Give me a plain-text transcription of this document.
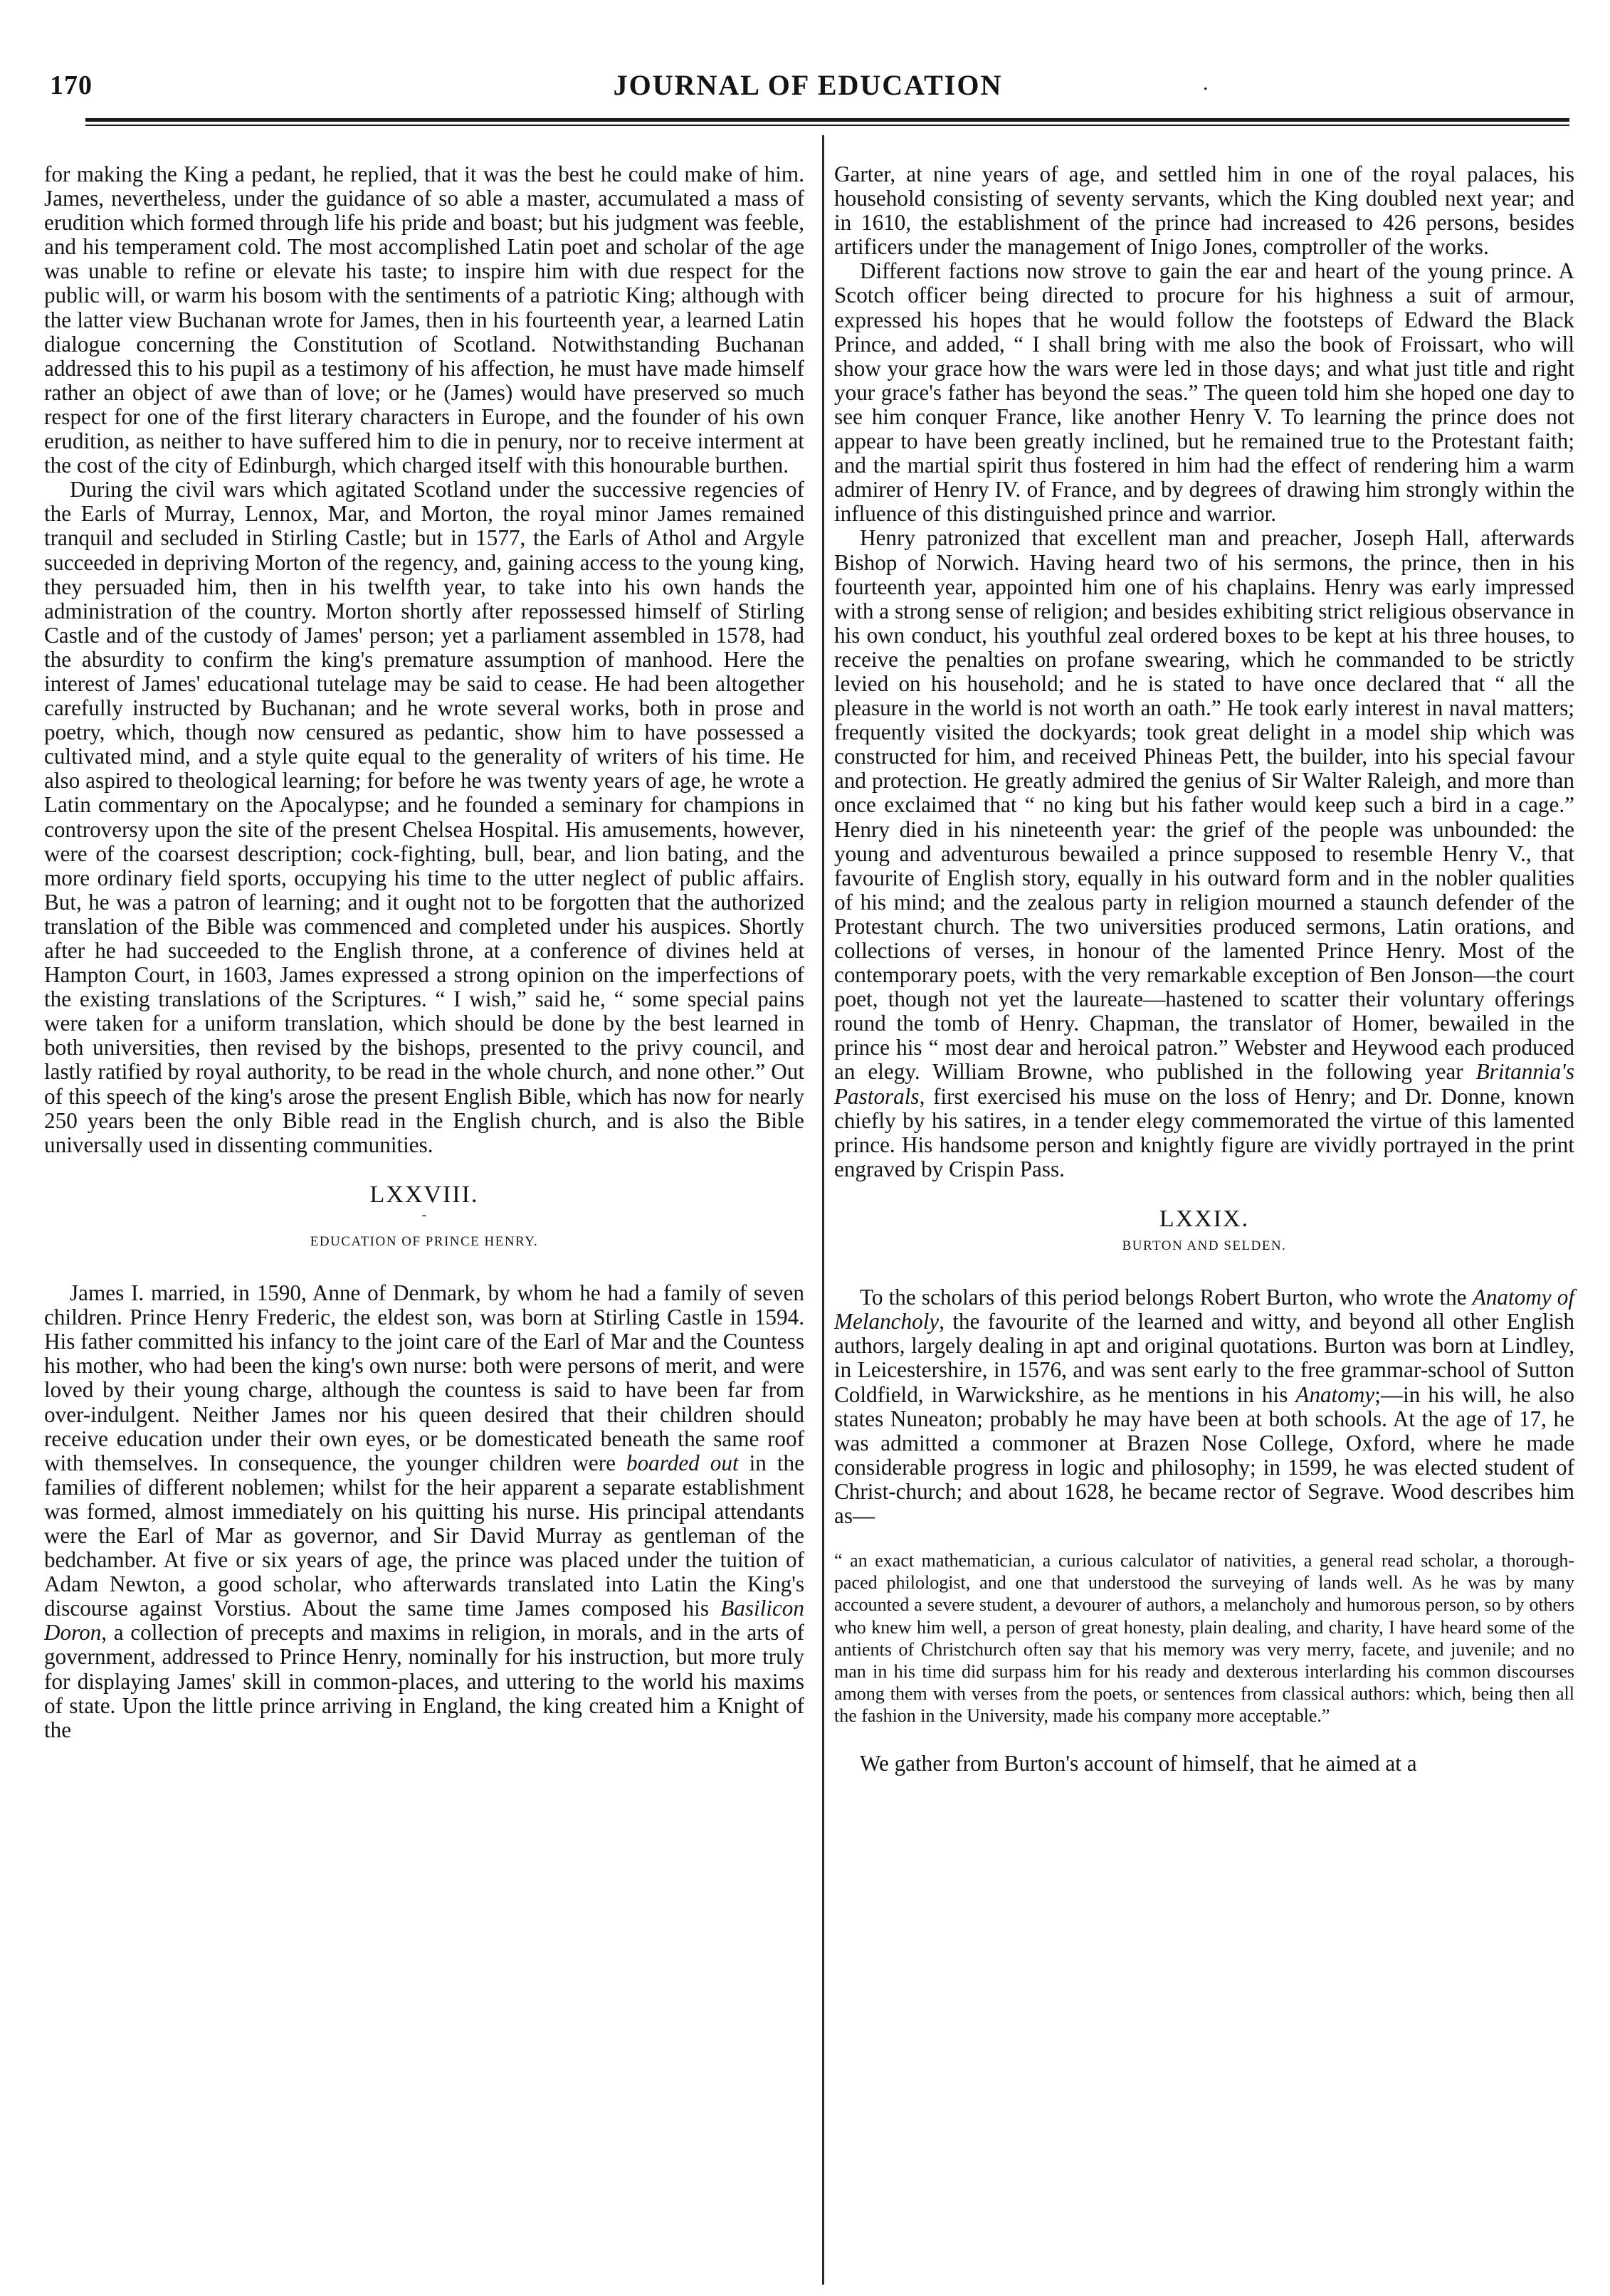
170	JOURNAL OF EDUCATION	.

for making the King a pedant, he replied, that it was the best he could make of him. James, nevertheless, under the guidance of so able a master, accumulated a mass of erudition which formed through life his pride and boast; but his judgment was feeble, and his temperament cold. The most accomplished Latin poet and scholar of the age was unable to refine or elevate his taste; to inspire him with due respect for the public will, or warm his bosom with the sentiments of a patriotic King; although with the latter view Buchanan wrote for James, then in his fourteenth year, a learned Latin dialogue concerning the Constitution of Scotland. Notwithstanding Buchanan addressed this to his pupil as a testimony of his affection, he must have made himself rather an object of awe than of love; or he (James) would have preserved so much respect for one of the first literary characters in Europe, and the founder of his own erudition, as neither to have suffered him to die in penury, nor to receive interment at the cost of the city of Edinburgh, which charged itself with this honourable burthen.

During the civil wars which agitated Scotland under the successive regencies of the Earls of Murray, Lennox, Mar, and Morton, the royal minor James remained tranquil and secluded in Stirling Castle; but in 1577, the Earls of Athol and Argyle succeeded in depriving Morton of the regency, and, gaining access to the young king, they persuaded him, then in his twelfth year, to take into his own hands the administration of the country. Morton shortly after repossessed himself of Stirling Castle and of the custody of James' person; yet a parliament assembled in 1578, had the absurdity to confirm the king's premature assumption of manhood. Here the interest of James' educational tutelage may be said to cease. He had been altogether carefully instructed by Buchanan; and he wrote several works, both in prose and poetry, which, though now censured as pedantic, show him to have possessed a cultivated mind, and a style quite equal to the generality of writers of his time. He also aspired to theological learning; for before he was twenty years of age, he wrote a Latin commentary on the Apocalypse; and he founded a seminary for champions in controversy upon the site of the present Chelsea Hospital. His amusements, however, were of the coarsest description; cock-fighting, bull, bear, and lion bating, and the more ordinary field sports, occupying his time to the utter neglect of public affairs. But, he was a patron of learning; and it ought not to be forgotten that the authorized translation of the Bible was commenced and completed under his auspices. Shortly after he had succeeded to the English throne, at a conference of divines held at Hampton Court, in 1603, James expressed a strong opinion on the imperfections of the existing translations of the Scriptures. “ I wish,” said he, “ some special pains were taken for a uniform translation, which should be done by the best learned in both universities, then revised by the bishops, presented to the privy council, and lastly ratified by royal authority, to be read in the whole church, and none other.” Out of this speech of the king's arose the present English Bible, which has now for nearly 250 years been the only Bible read in the English church, and is also the Bible universally used in dissenting communities.

LXXVIII.
-
EDUCATION OF PRINCE HENRY.

James I. married, in 1590, Anne of Denmark, by whom he had a family of seven children. Prince Henry Frederic, the eldest son, was born at Stirling Castle in 1594. His father committed his infancy to the joint care of the Earl of Mar and the Countess his mother, who had been the king's own nurse: both were persons of merit, and were loved by their young charge, although the countess is said to have been far from over-indulgent. Neither James nor his queen desired that their children should receive education under their own eyes, or be domesticated beneath the same roof with themselves. In consequence, the younger children were boarded out in the families of different noblemen; whilst for the heir apparent a separate establishment was formed, almost immediately on his quitting his nurse. His principal attendants were the Earl of Mar as governor, and Sir David Murray as gentleman of the bedchamber. At five or six years of age, the prince was placed under the tuition of Adam Newton, a good scholar, who afterwards translated into Latin the King's discourse against Vorstius. About the same time James composed his Basilicon Doron, a collection of precepts and maxims in religion, in morals, and in the arts of government, addressed to Prince Henry, nominally for his instruction, but more truly for displaying James' skill in common-places, and uttering to the world his maxims of state. Upon the little prince arriving in England, the king created him a Knight of the

Garter, at nine years of age, and settled him in one of the royal palaces, his household consisting of seventy servants, which the King doubled next year; and in 1610, the establishment of the prince had increased to 426 persons, besides artificers under the management of Inigo Jones, comptroller of the works.

Different factions now strove to gain the ear and heart of the young prince. A Scotch officer being directed to procure for his highness a suit of armour, expressed his hopes that he would follow the footsteps of Edward the Black Prince, and added, “ I shall bring with me also the book of Froissart, who will show your grace how the wars were led in those days; and what just title and right your grace's father has beyond the seas.” The queen told him she hoped one day to see him conquer France, like another Henry V. To learning the prince does not appear to have been greatly inclined, but he remained true to the Protestant faith; and the martial spirit thus fostered in him had the effect of rendering him a warm admirer of Henry IV. of France, and by degrees of drawing him strongly within the influence of this distinguished prince and warrior.

Henry patronized that excellent man and preacher, Joseph Hall, afterwards Bishop of Norwich. Having heard two of his sermons, the prince, then in his fourteenth year, appointed him one of his chaplains. Henry was early impressed with a strong sense of religion; and besides exhibiting strict religious observance in his own conduct, his youthful zeal ordered boxes to be kept at his three houses, to receive the penalties on profane swearing, which he commanded to be strictly levied on his household; and he is stated to have once declared that “ all the pleasure in the world is not worth an oath.” He took early interest in naval matters; frequently visited the dockyards; took great delight in a model ship which was constructed for him, and received Phineas Pett, the builder, into his special favour and protection. He greatly admired the genius of Sir Walter Raleigh, and more than once exclaimed that “ no king but his father would keep such a bird in a cage.” Henry died in his nineteenth year: the grief of the people was unbounded: the young and adventurous bewailed a prince supposed to resemble Henry V., that favourite of English story, equally in his outward form and in the nobler qualities of his mind; and the zealous party in religion mourned a staunch defender of the Protestant church. The two universities produced sermons, Latin orations, and collections of verses, in honour of the lamented Prince Henry. Most of the contemporary poets, with the very remarkable exception of Ben Jonson—the court poet, though not yet the laureate—hastened to scatter their voluntary offerings round the tomb of Henry. Chapman, the translator of Homer, bewailed in the prince his “ most dear and heroical patron.” Webster and Heywood each produced an elegy. William Browne, who published in the following year Britannia's Pastorals, first exercised his muse on the loss of Henry; and Dr. Donne, known chiefly by his satires, in a tender elegy commemorated the virtue of this lamented prince. His handsome person and knightly figure are vividly portrayed in the print engraved by Crispin Pass.

LXXIX.
BURTON AND SELDEN.

To the scholars of this period belongs Robert Burton, who wrote the Anatomy of Melancholy, the favourite of the learned and witty, and beyond all other English authors, largely dealing in apt and original quotations. Burton was born at Lindley, in Leicestershire, in 1576, and was sent early to the free grammar-school of Sutton Coldfield, in Warwickshire, as he mentions in his Anatomy;—in his will, he also states Nuneaton; probably he may have been at both schools. At the age of 17, he was admitted a commoner at Brazen Nose College, Oxford, where he made considerable progress in logic and philosophy; in 1599, he was elected student of Christ-church; and about 1628, he became rector of Segrave. Wood describes him as—

“ an exact mathematician, a curious calculator of nativities, a general read scholar, a thorough-paced philologist, and one that understood the surveying of lands well. As he was by many accounted a severe student, a devourer of authors, a melancholy and humorous person, so by others who knew him well, a person of great honesty, plain dealing, and charity, I have heard some of the antients of Christchurch often say that his memory was very merry, facete, and juvenile; and no man in his time did surpass him for his ready and dexterous interlarding his common discourses among them with verses from the poets, or sentences from classical authors: which, being then all the fashion in the University, made his company more acceptable.”

We gather from Burton's account of himself, that he aimed at a
